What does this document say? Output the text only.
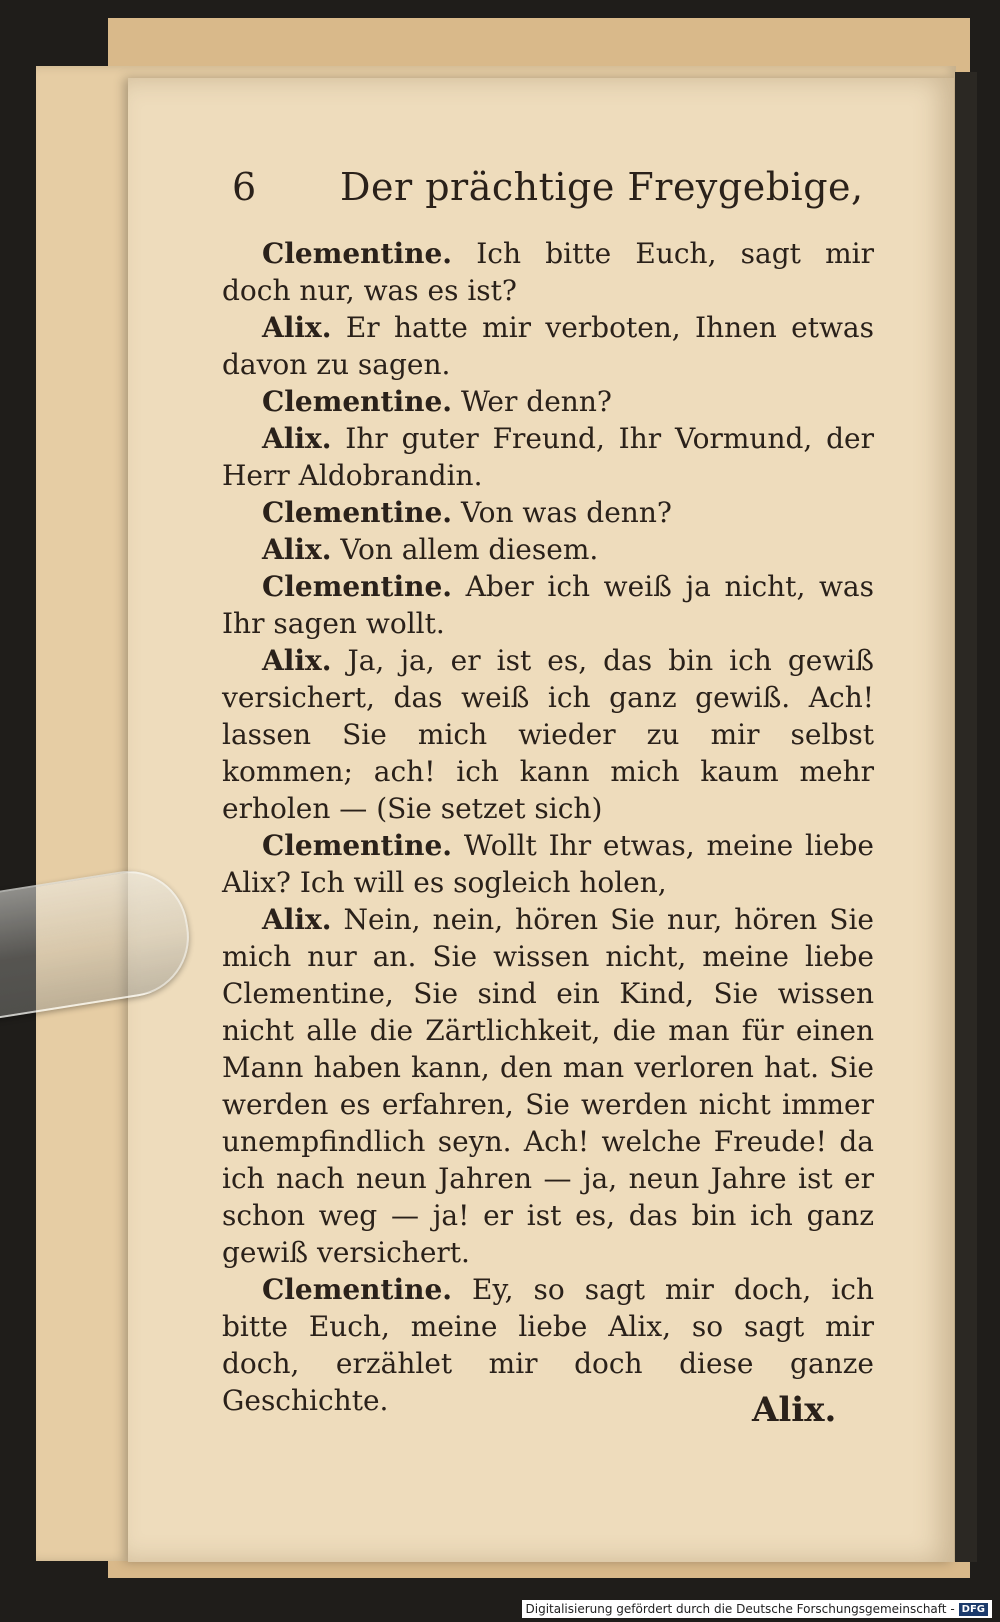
6 Der prächtige Freygebige,

Clementine. Ich bitte Euch, sagt mir doch nur, was es ist?

Alix. Er hatte mir verboten, Ihnen etwas davon zu sagen.

Clementine. Wer denn?

Alix. Ihr guter Freund, Ihr Vormund, der Herr Aldobrandin.

Clementine. Von was denn?

Alix. Von allem diesem.

Clementine. Aber ich weiß ja nicht, was Ihr sagen wollt.

Alix. Ja, ja, er ist es, das bin ich gewiß versichert, das weiß ich ganz gewiß. Ach! lassen Sie mich wieder zu mir selbst kommen; ach! ich kann mich kaum mehr erholen — (Sie setzet sich)

Clementine. Wollt Ihr etwas, meine liebe Alix? Ich will es sogleich holen,

Alix. Nein, nein, hören Sie nur, hören Sie mich nur an. Sie wissen nicht, meine liebe Clementine, Sie sind ein Kind, Sie wissen nicht alle die Zärtlichkeit, die man für einen Mann haben kann, den man verloren hat. Sie werden es erfahren, Sie werden nicht immer unempfindlich seyn. Ach! welche Freude! da ich nach neun Jahren — ja, neun Jahre ist er schon weg — ja! er ist es, das bin ich ganz gewiß versichert.

Clementine. Ey, so sagt mir doch, ich bitte Euch, meine liebe Alix, so sagt mir doch, erzählet mir doch diese ganze Geschichte.	Alix.
Digitalisierung gefördert durch die Deutsche Forschungsgemeinschaft - DFG
